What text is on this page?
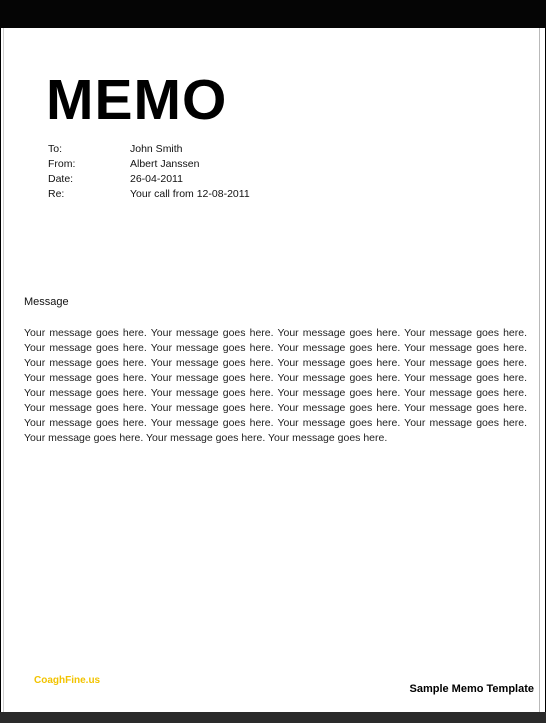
MEMO
To:	John Smith
From:	Albert Janssen
Date:	26-04-2011
Re:	Your call from 12-08-2011
Message
Your message goes here. Your message goes here. Your message goes here. Your message goes here. Your message goes here. Your message goes here. Your message goes here. Your message goes here. Your message goes here. Your message goes here. Your message goes here. Your message goes here. Your message goes here. Your message goes here. Your message goes here. Your message goes here. Your message goes here. Your message goes here. Your message goes here. Your message goes here. Your message goes here. Your message goes here. Your message goes here. Your message goes here. Your message goes here. Your message goes here. Your message goes here. Your message goes here. Your message goes here. Your message goes here. Your message goes here.
CoaghFine.us
Sample Memo Template
